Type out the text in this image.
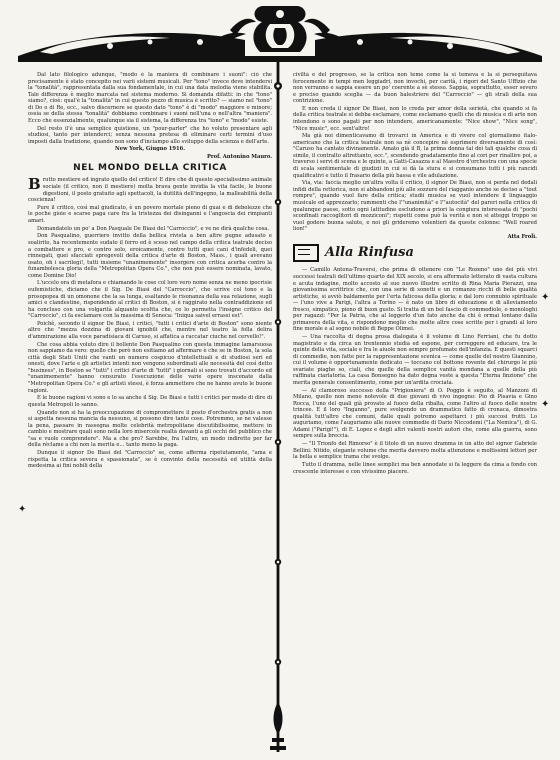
✦
✦
✦

Dal lato filologico adunque, "modo è la maniera di combinare i suoni": ciò che precisamente è stato concepito nei varii sistemi musicali. Per "tono" invece deve intendersi la "tonalità", rappresentata dalla sua fondamentale, in cui una data melodia viene stabilita. Tale differenza è meglio marcata nel sistema moderno. Si domanda difatti: in che "tono" siamo?, cioè: qual'è la "tonalità" in cui questo pezzo di musica è scritto? — siamo nel "tono" di Do o di Re, ecc., salvo discernere se questo dato "tono" è di "modo" maggiore o minore; ossia se della stessa "tonalità" dobbiamo combinare i suoni nell'una o nell'altra "maniera". Ecco che essenzialmente, qualunque sia il sistema, la differenza tra "tono" e "modo" esiste.

Del resto il'è una semplice quistione, un "pour-parler" che ho voluto presentare agli studiosi, tanto per intenderci; senza nessuna pretesa di eliminare certi termini d'uso imposti dalla tradizione, quando non sono d'incìampo allo sviluppo della scienza e dell'arte.

New York, Giugno 1916.

Prof. Antonino Mauro.

NEL MONDO DELLA CRITICA

Brutto mestiere ed ingrato quello del critico! E dire che di questo specialissimo animale sociale (il critico, non il mestiere) molta brava gente invidia la vita facile, le buone digestioni, il posto gratuito agli spettacoli, la dutilità dell'ingegno, la malleabilità della coscienza!

Pure il critico, così mal giudicato, è un povero mortale pieno di guai e di debolezze che le poche gioie e scarse paga care fra la tristezza dei disinganni e l'angoscia dei rimpianti amari.

Domandatelo un po' a Don Pasquale De Biasi del "Carroccio", e ve ne dirà qualche cosa.

Don Pasqualino, guerriero invitto della bellica rivista a ben altre pugne adusato e soalirito, ha recentemente sudato il ferro ed è sceso nel campo della critica teatrale deciso a combattere e pro, e contro solo, eroicamente, contro tutti quei cani d'infedeli, quei rinnegati, quei sfacciati spregevoli della critica d'arte di Boston, Mass., i quali avevano osato, oh i sacrilegi!, tutti insieme "unanimemente" insorgere con critica acerba contro la funambolesca gloria della "Metropolitan Opera Co.", che non può essere nominata, lavato, come Domine Dio!

L'uccelo ora di metafora e chiamando le cose col loro vero nome senza ne meno ipocrisie eufemistiche, diciamo che il Sig. De Biasi del "Carroccio", che scrive col tono e la prosopopea di un omonone che la sa lunga, esaltando le risonanza della sua relazione, sugli amici e clandestine, rispondendo al critici di Boston, si è raggirato nella contraddizione ed ha concluso con una volgarità alquanto scoltta che, ce lo permetta l'insigne critico del "Carroccio", ci fa esclamare con la massima di Seneca: "Iniqua saivel errassi est".

Poichè, secondo il signor De Biasi, i critici, "tutti i critici d'arte di Boston" sono niente altro che "mezza dozzina di giovani ignobili che, mentre nel teatro la folla delira d'ammirazione alla voce paradisiaca di Caruso, si affatica a raccatar ciuche nel cervello!".

Che cosa abbia voluto dire il bollente Don Pasqualino con questa immagine lamarsuosa non sappiamo da vero: quello che però non esitiamo ad affermare è che se in Boston, la sola città degli Stati Uniti che vanti un numero cospicuo d'intellettuali e di studiosi seri ed onesti, dove l'arte e gli artistici intenti non vengono subordinati alle necessità del così detto "business", in Boston se "tutti" i critici d'arte di "tutti" i giornali si sono trovati d'accordo ed "unanimemente" hanno censurato l'esecuzione delle varie opere inscenate dalla "Metropolitan Opera Co." e gli artisti stessi, è forza ammettere che ne hanno avuto le buone ragioni.

E le buone ragioni vi sono e lo sa anche il Sig. De Biasi e tutti i critici per modo di dire di questa Metropoli lo sanno.

Quando non si ha la preoccupazione di compromettere il posto d'orchestra gratis a non si aspetta nessuna mancia da nessuno, si possono dire tante cose. Potremmo, se ne valesse la pena, passare in rassegna molte celebrità metropolitane discutibilissime, mettere in cambio e mostrare quali sono nella loro misercole realtà davanti a gli occhi del pubblico che "sa e vuole comprendere". Ma a che pro? Sarebbe, fra l'altro, un modo indiretto per far della réclame a chi non la merita e... tanto meno la paga.

Dunque il signor De Biasi del "Carroccio" se, come afferma ripetutamente, "ama e rispetta la critica severa e spassionata", se è convinto della necessità ed utilità della medesima ai fini nobili della

civiltà e del progresso, se la critica non teme come la si temeva e la si perseguitava ferocemente in tempi men leggiadri, non invochi, per carità, i rigori del Santo Uffizio che non verranno e sappia essere un po' coerente a sè stesso. Sappia, soprattutto, esser severo e preciso quando sceglia — da buon balestriere del "Carroccio" — gli strali della sua contrizione.

E non creda il signor De Biasi, non lo creda per amor della serietà, che quando si fa della critica teatrale si debba esclamare, come esclamano quelli che di musica e di arte non intendono o sono pagati per non intendere, americanamente: "Nice show", "Nice song", "Nice music", ecc. sent'altro!

Ma già noi dimenticavamo di trovarci in America e di vivere col giornalismo italo-americano che la critica teatrale non sa nè concepire nè esprimere diversamente di così: "Caruso ha cantato divinamente. Amato già il B, la prima donna tal dei tali qualche cosa di simile, il contralto altrettanto, ecc.", scendendo gradatamente fino al cori per rinallire poi, a traverso i servi di scena e le quinte, a Gatti-Casazza e al Maestro d'orchestra con una specie di scala sentimentale di giudizii in cui si dà la stura e si consumano tutti i più rancidi qualificativi e tutto il frasario della più bassa e vile adulazione.

Via, via: faccia meglio un'altra volta il critico, il signor De Biasi, non si perda nel dedali infidi della rettorica, non si abbandoni più alle sozzure del riagganio anche se deciso a "tout rompre", quando vuol fare della critica; studii musica se vuol intendere il linguaggio musicale ed apprezzarlo; rammenti che l'"unanimità" e l'"autocità" del pareri nella critica di qualunque paese, sotto ogni latitudine escludono a priori la congiura interessata di "pochi sconfinati raccoglitori di mozziconi"; rispetti come può la verità e non si atteggi troppo se vuol godere buona salute, e noi gli grideremo volentieri da queste colonne: "Well roared lion!"

Atta Frolì.

Alla Rinfusa

— Camillo Antona-Traversi, che prima di ottenere con "Le Rozeno" uno dei più vivi successi teatrali dell'ultimo quarto del XIX secolo, si era affermato letterato di vasta cultura e acuta indagine, molto accosto al suo nuovo illustre scritto di Rina Maria Pierazzi, una giovanissima scrittrice che, con una serie di sonetti e un romanzo ricchi di belle qualità artistiche, si avviò baldamente per l'erta faticosa della gloria; e dal loro connubio spirituale — l'uno vive a Parigi, l'altra a Torino — è nato un libro di educazione e di alleviamento fresco, simpatico, pieno di buon gusto. Si tratta di un bel fascio di commediole, o monologhi per ragazzi: "Per la Patria, che al leggerlo d'un fato anche da chi è ormai lontano dalla primavera della vita, e rispondono meglio che molte altre cose scritte per i grandi al loro fine morale e al sogno nobile di Beppe Olimei.

— Una raccolta di degna prosa dialogata è il volume di Lino Ferriani, che fu dotto magistrato e da circa un trentennio studia ed espone, per correggere ed educare, tra le quinte della vita, sociale e fra le aiuole non sempre profumate dell'infanzia. E questi squarci di commedie, non fatte per la rappresentazione scenica — come quelle del nostro Giannino, cui il volume è opportunamente dedicato — toccano col bottone rovente del chirurgo le più svariate piaghe so, ciali, che quelle della semplice vanità mondana a quelle della più raffinata ciarlatoria. La casa Bonsegno ha dato degna veste a questa "Eterna finzione" che merita generale consentimento, come per un'ardita crociata.

— Al clamoroso successo della "Prigioniera" di O. Poggio è seguito, al Manzoni di Milano, quello non meno notevole di due giovani di vivo ingegno: Pio di Pisavia e Gino Rocca, l'uno del quali già provato al fuoco della ribalta, come l'altro al fuoco delle nostre trincee. E il loro "Inganno", pure svolgendo un drammatico fatto di cronaca, dimostra qualità tutt'altro che comuni, dalle quali potremo aspettarci i più succosi frutti. Lo auguriamo, come l'auguriamo alle nuove commedie di Dario Niccodemi ("La Nemica"), di G. Adami ("Parigi!"), di E. Lopez e degli altri valenti nostri autori che, come alla guerra, sono sempre sulla breccia.

— "Il Trionfo del Rimorso" è il titolo di un nuovo dramma in un atto del signor Gabriele Bellini. Nitido, elegante volume che merita davvero molta attenzione e moltissimi lettori per la bella e semplice trama che svolge.

Tutto il dramma, nelle linee semplici ma ben annodate si fa leggere da cima a fondo con crescente interesse e con vivissimo piacere.
